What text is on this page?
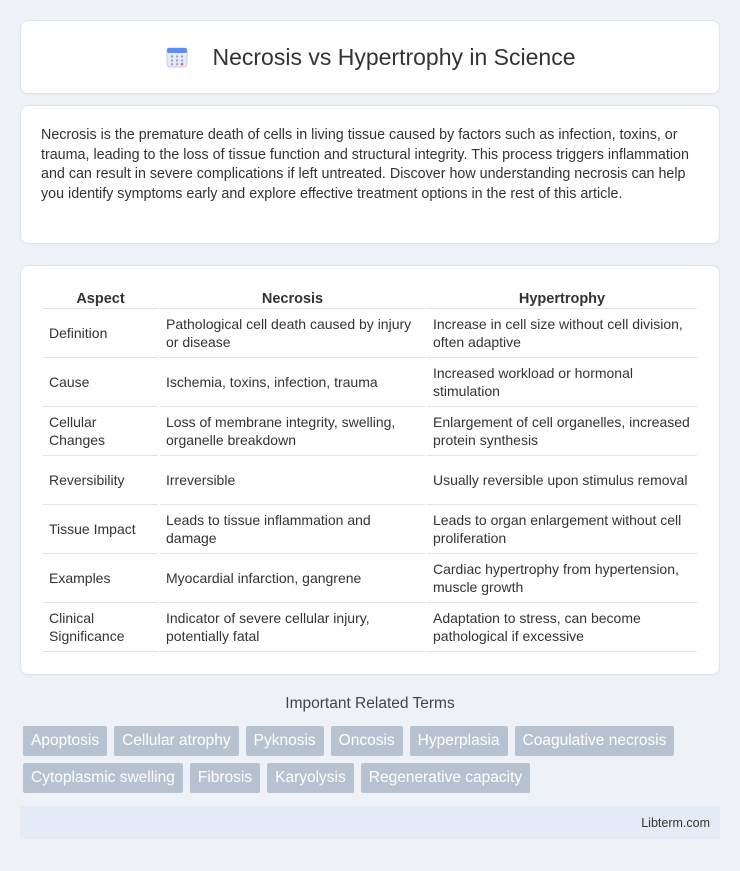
Necrosis vs Hypertrophy in Science

Necrosis is the premature death of cells in living tissue caused by factors such as infection, toxins, or trauma, leading to the loss of tissue function and structural integrity. This process triggers inflammation and can result in severe complications if left untreated. Discover how understanding necrosis can help you identify symptoms early and explore effective treatment options in the rest of this article.

Aspect	Necrosis	Hypertrophy
Definition	Pathological cell death caused by injury or disease	Increase in cell size without cell division, often adaptive
Cause	Ischemia, toxins, infection, trauma	Increased workload or hormonal stimulation
Cellular Changes	Loss of membrane integrity, swelling, organelle breakdown	Enlargement of cell organelles, increased protein synthesis
Reversibility	Irreversible	Usually reversible upon stimulus removal
Tissue Impact	Leads to tissue inflammation and damage	Leads to organ enlargement without cell proliferation
Examples	Myocardial infarction, gangrene	Cardiac hypertrophy from hypertension, muscle growth
Clinical Significance	Indicator of severe cellular injury, potentially fatal	Adaptation to stress, can become pathological if excessive
Important Related Terms
Apoptosis	Cellular atrophy	Pyknosis	Oncosis	Hyperplasia	Coagulative necrosis
Cytoplasmic swelling	Fibrosis	Karyolysis	Regenerative capacity
Libterm.com
